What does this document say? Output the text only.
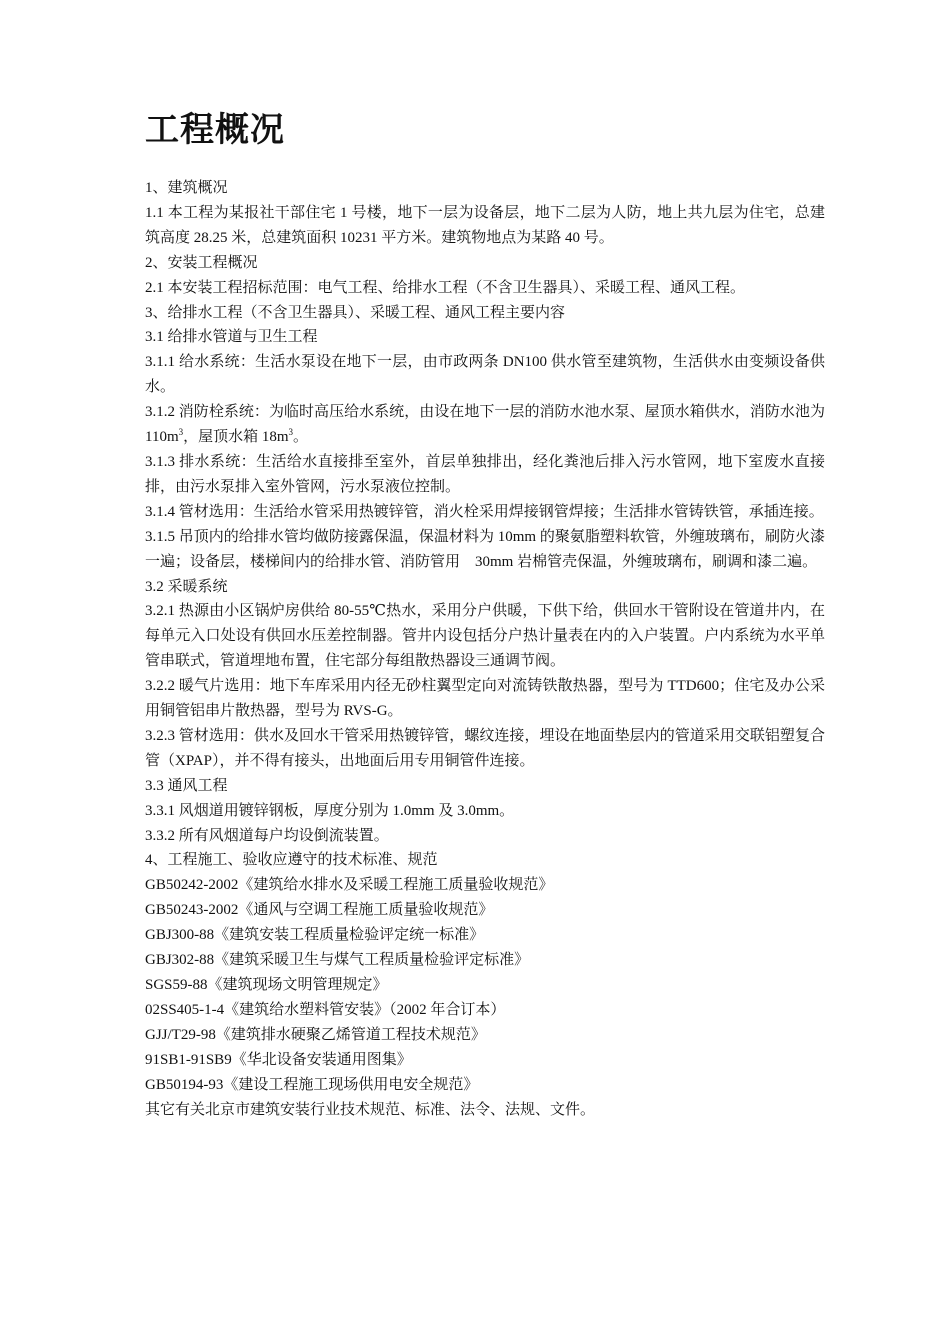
工程概况

1、建筑概况

1.1 本工程为某报社干部住宅 1 号楼，地下一层为设备层，地下二层为人防，地上共九层为住宅，总建筑高度 28.25 米，总建筑面积 10231 平方米。建筑物地点为某路 40 号。

2、安装工程概况

2.1 本安装工程招标范围：电气工程、给排水工程（不含卫生器具）、采暖工程、通风工程。

3、给排水工程（不含卫生器具）、采暖工程、通风工程主要内容

3.1 给排水管道与卫生工程

3.1.1 给水系统：生活水泵设在地下一层，由市政两条 DN100 供水管至建筑物，生活供水由变频设备供水。

3.1.2 消防栓系统：为临时高压给水系统，由设在地下一层的消防水池水泵、屋顶水箱供水，消防水池为 $110m^3$，屋顶水箱 $18m^3$。

3.1.3 排水系统：生活给水直接排至室外，首层单独排出，经化粪池后排入污水管网，地下室废水直接排，由污水泵排入室外管网，污水泵液位控制。

3.1.4 管材选用：生活给水管采用热镀锌管，消火栓采用焊接钢管焊接；生活排水管铸铁管，承插连接。

3.1.5 吊顶内的给排水管均做防接露保温，保温材料为 10mm 的聚氨脂塑料软管，外缠玻璃布，刷防火漆一遍；设备层，楼梯间内的给排水管、消防管用　30mm 岩棉管壳保温，外缠玻璃布，刷调和漆二遍。

3.2 采暖系统

3.2.1 热源由小区锅炉房供给 80-55℃热水，采用分户供暖，下供下给，供回水干管附设在管道井内，在每单元入口处设有供回水压差控制器。管井内设包括分户热计量表在内的入户装置。户内系统为水平单管串联式，管道埋地布置，住宅部分每组散热器设三通调节阀。

3.2.2 暖气片选用：地下车库采用内径无砂柱翼型定向对流铸铁散热器，型号为 TTD600；住宅及办公采用铜管铝串片散热器，型号为 RVS-G。

3.2.3 管材选用：供水及回水干管采用热镀锌管，螺纹连接，埋设在地面垫层内的管道采用交联铝塑复合管（XPAP），并不得有接头，出地面后用专用铜管件连接。

3.3 通风工程

3.3.1 风烟道用镀锌钢板，厚度分别为 1.0mm 及 3.0mm。

3.3.2 所有风烟道每户均设倒流装置。

4、工程施工、验收应遵守的技术标准、规范

GB50242-2002《建筑给水排水及采暖工程施工质量验收规范》

GB50243-2002《通风与空调工程施工质量验收规范》

GBJ300-88《建筑安装工程质量检验评定统一标准》

GBJ302-88《建筑采暖卫生与煤气工程质量检验评定标准》

SGS59-88《建筑现场文明管理规定》

02SS405-1-4《建筑给水塑料管安装》（2002 年合订本）

GJJ/T29-98《建筑排水硬聚乙烯管道工程技术规范》

91SB1-91SB9《华北设备安装通用图集》

GB50194-93《建设工程施工现场供用电安全规范》

其它有关北京市建筑安装行业技术规范、标准、法令、法规、文件。
